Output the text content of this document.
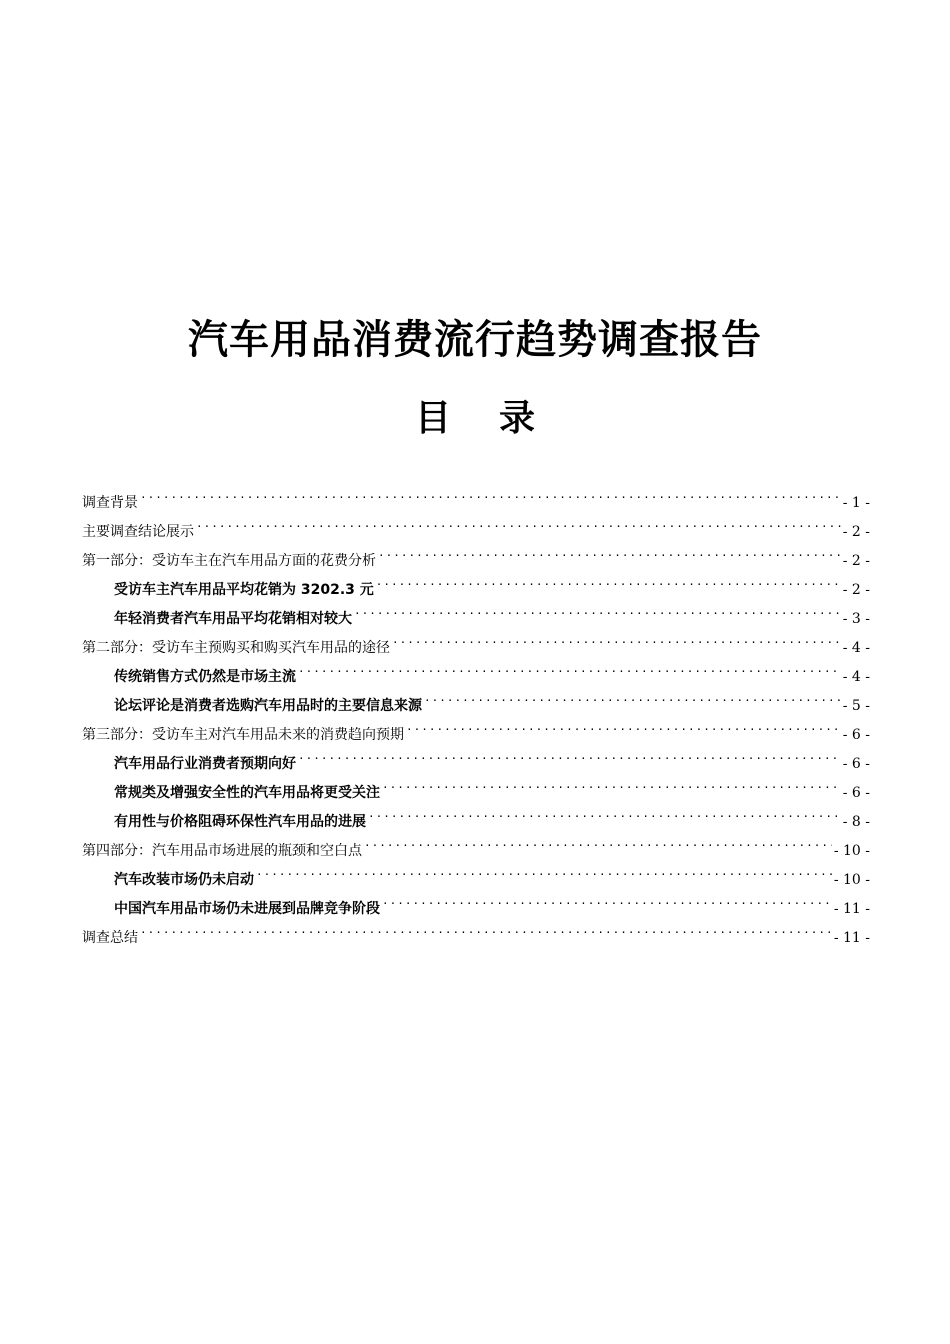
汽车用品消费流行趋势调查报告
目 录
调查背景 .....	- 1 -
主要调查结论展示 .....	- 2 -
第一部分：受访车主在汽车用品方面的花费分析 .....	- 2 -
受访车主汽车用品平均花销为 3202.3 元 .....	- 2 -
年轻消费者汽车用品平均花销相对较大 .....	- 3 -
第二部分：受访车主预购买和购买汽车用品的途径 .....	- 4 -
传统销售方式仍然是市场主流 .....	- 4 -
论坛评论是消费者选购汽车用品时的主要信息来源 .....	- 5 -
第三部分：受访车主对汽车用品未来的消费趋向预期 .....	- 6 -
汽车用品行业消费者预期向好 .....	- 6 -
常规类及增强安全性的汽车用品将更受关注 .....	- 6 -
有用性与价格阻碍环保性汽车用品的进展 .....	- 8 -
第四部分：汽车用品市场进展的瓶颈和空白点 .....	- 10 -
汽车改装市场仍未启动 .....	- 10 -
中国汽车用品市场仍未进展到品牌竞争阶段 .....	- 11 -
调查总结 .....	- 11 -
